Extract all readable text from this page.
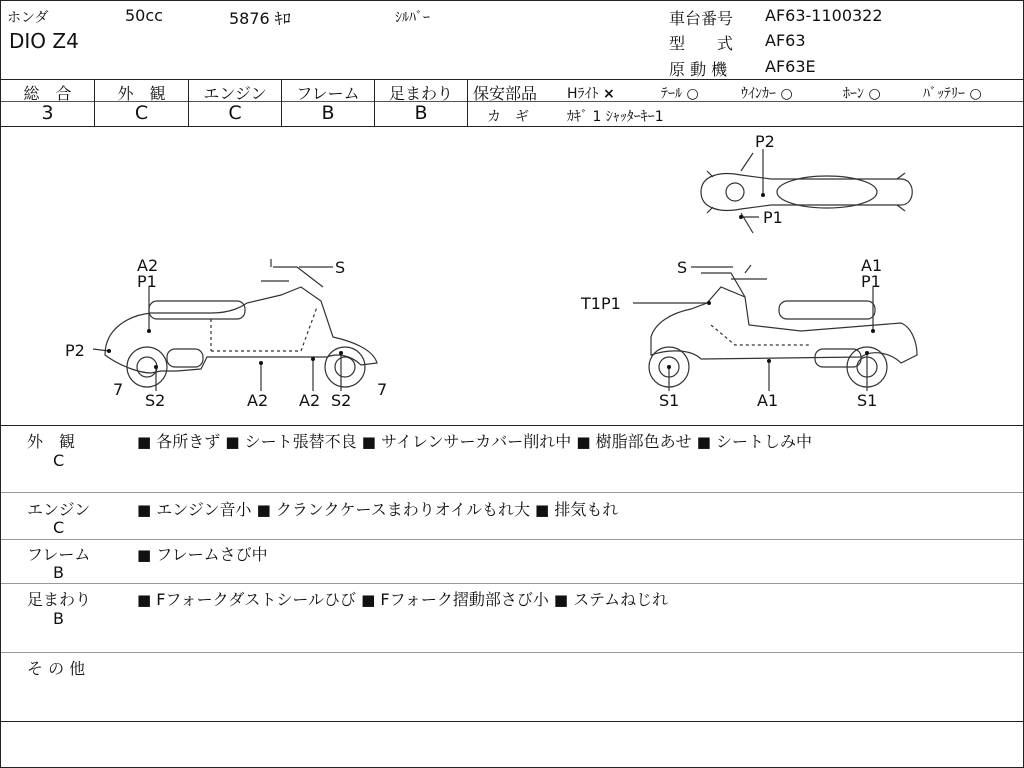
ホンダ	50cc	5876 ｷﾛ	ｼﾙﾊﾞｰ
DIO Z4
車台番号 AF63-1100322
型　　式 AF63
原 動 機 AF63E
総　合	外　観	エンジン	フレーム	足まわり
3	C	C	B	B
保安部品 Hﾗｲﾄ ×	ﾃｰﾙ ○	ｳｲﾝｶｰ ○	ﾎｰﾝ ○	ﾊﾞｯﾃﾘｰ ○
カ　ギ	ｶｷﾞ 1 ｼｬｯﾀｰｷｰ1
P2
P1
A2
P1
S
P2
7
S2	A2 A2 S2
7
S	A1
P1
T1P1
S1	A1	S1
外　観
C
■ 各所きず ■ シート張替不良 ■ サイレンサーカバー削れ中 ■ 樹脂部色あせ ■ シートしみ中
エンジン
C
■ エンジン音小 ■ クランクケースまわりオイルもれ大 ■ 排気もれ
フレーム
B
■ フレームさび中
足まわり
B
■ Fフォークダストシールひび ■ Fフォーク摺動部さび小 ■ ステムねじれ
そ の 他
